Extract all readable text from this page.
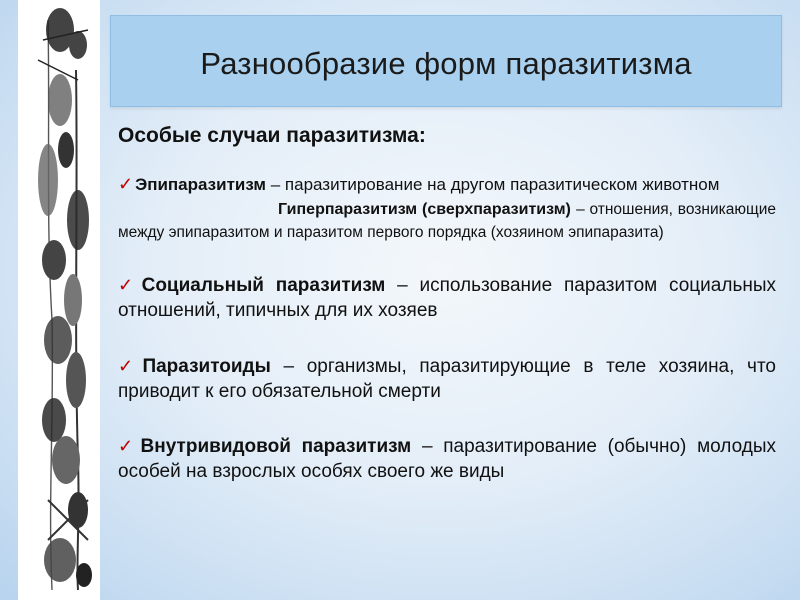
Разнообразие форм паразитизма
Особые случаи паразитизма:

✓ Эпипаразитизм – паразитирование на другом паразитическом животном

Гиперпаразитизм (сверхпаразитизм) – отношения, возникающие между эпипаразитом и паразитом первого порядка (хозяином эпипаразита)

✓ Социальный паразитизм – использование паразитом социальных отношений, типичных для их хозяев

✓ Паразитоиды – организмы, паразитирующие в теле хозяина, что приводит к его обязательной смерти

✓ Внутривидовой паразитизм – паразитирование (обычно) молодых особей на взрослых особях своего же виды
